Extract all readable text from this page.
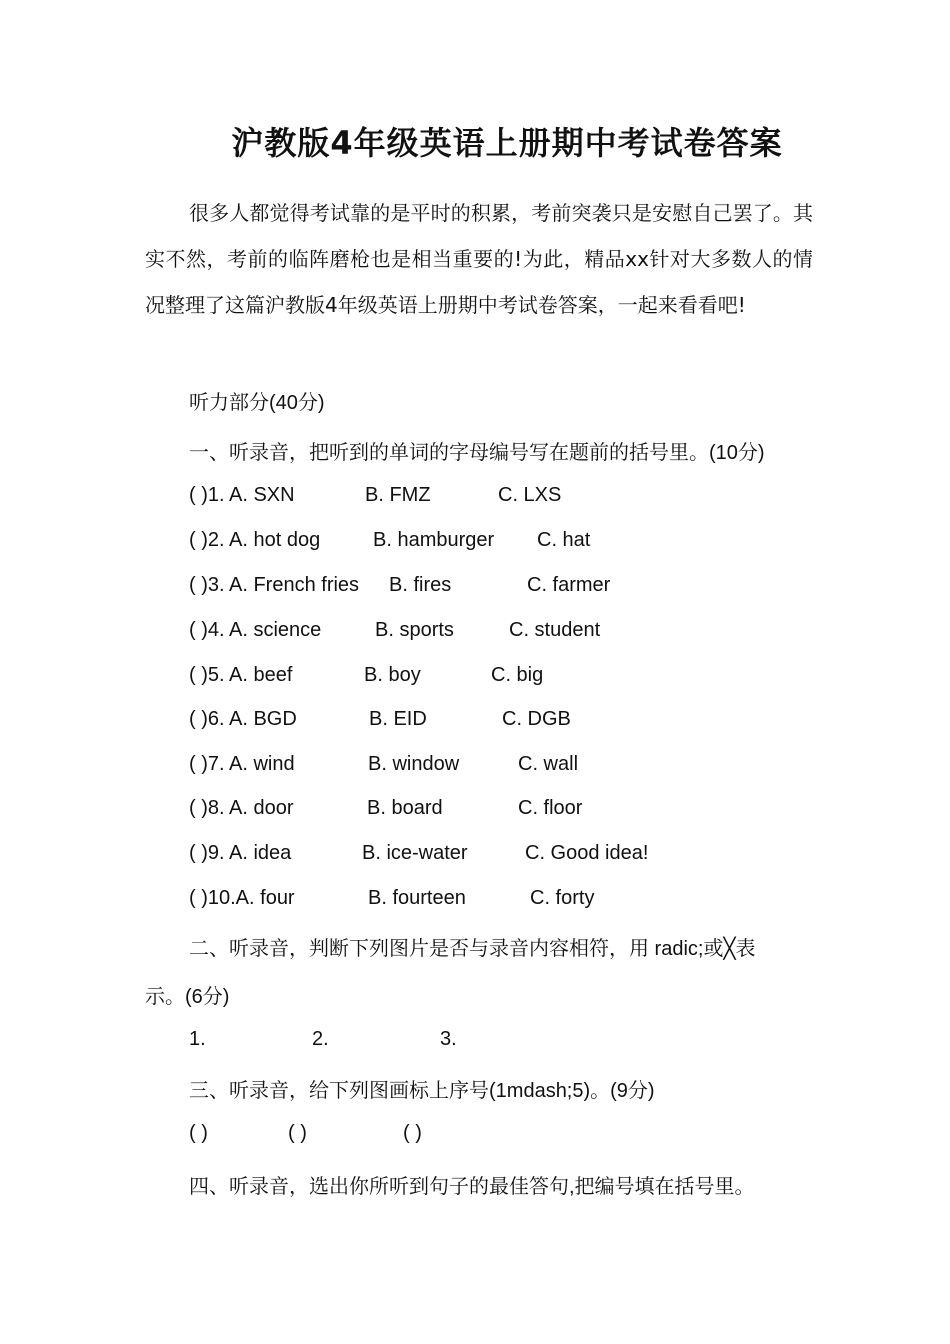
沪教版4年级英语上册期中考试卷答案
很多人都觉得考试靠的是平时的积累，考前突袭只是安慰自己罢了。其实不然，考前的临阵磨枪也是相当重要的!为此，精品xx针对大多数人的情况整理了这篇沪教版4年级英语上册期中考试卷答案，一起来看看吧!
听力部分(40分)
一、听录音，把听到的单词的字母编号写在题前的括号里。(10分)
( )1. A. SXN	B. FMZ	C. LXS
( )2. A. hot dog	B. hamburger C. hat
( )3. A. French fries B. fires	C. farmer
( )4. A. science	B. sports	C. student
( )5. A. beef	B. boy	C. big
( )6. A. BGD	B. EID	C. DGB
( )7. A. wind	B. window	C. wall
( )8. A. door	B. board	C. floor
( )9. A. idea	B. ice-water	C. Good idea!
( )10.A. four	B. fourteen	C. forty
二、听录音，判断下列图片是否与录音内容相符，用 radic;或╳表
示。(6分)
1.	2.	3.
三、听录音，给下列图画标上序号(1mdash;5)。(9分)
( )	( )	( )
四、听录音，选出你所听到句子的最佳答句,把编号填在括号里。
